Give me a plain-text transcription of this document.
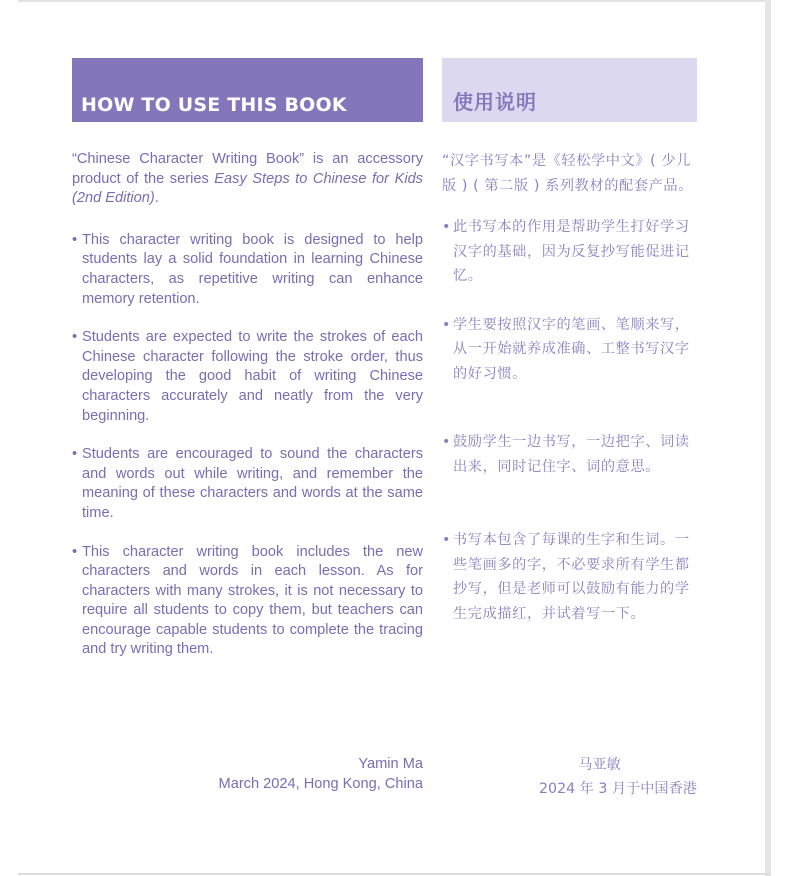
HOW TO USE THIS BOOK

“Chinese Character Writing Book” is an accessory product of the series Easy Steps to Chinese for Kids (2nd Edition).

• This character writing book is designed to help students lay a solid foundation in learning Chinese characters, as repetitive writing can enhance memory retention.
• Students are expected to write the strokes of each Chinese character following the stroke order, thus developing the good habit of writing Chinese characters accurately and neatly from the very beginning.
• Students are encouraged to sound the characters and words out while writing, and remember the meaning of these characters and words at the same time.
• This character writing book includes the new characters and words in each lesson. As for characters with many strokes, it is not necessary to require all students to copy them, but teachers can encourage capable students to complete the tracing and try writing them.
使用说明

“汉字书写本”是《轻松学中文》( 少儿版 ) ( 第二版 ) 系列教材的配套产品。

• 此书写本的作用是帮助学生打好学习汉字的基础，因为反复抄写能促进记忆。
• 学生要按照汉字的笔画、笔顺来写，从一开始就养成准确、工整书写汉字的好习惯。
• 鼓励学生一边书写，一边把字、词读出来，同时记住字、词的意思。
• 书写本包含了每课的生字和生词。一些笔画多的字，不必要求所有学生都抄写，但是老师可以鼓励有能力的学生完成描红，并试着写一下。
Yamin Ma
March 2024, Hong Kong, China
马亚敏
2024 年 3 月于中国香港
